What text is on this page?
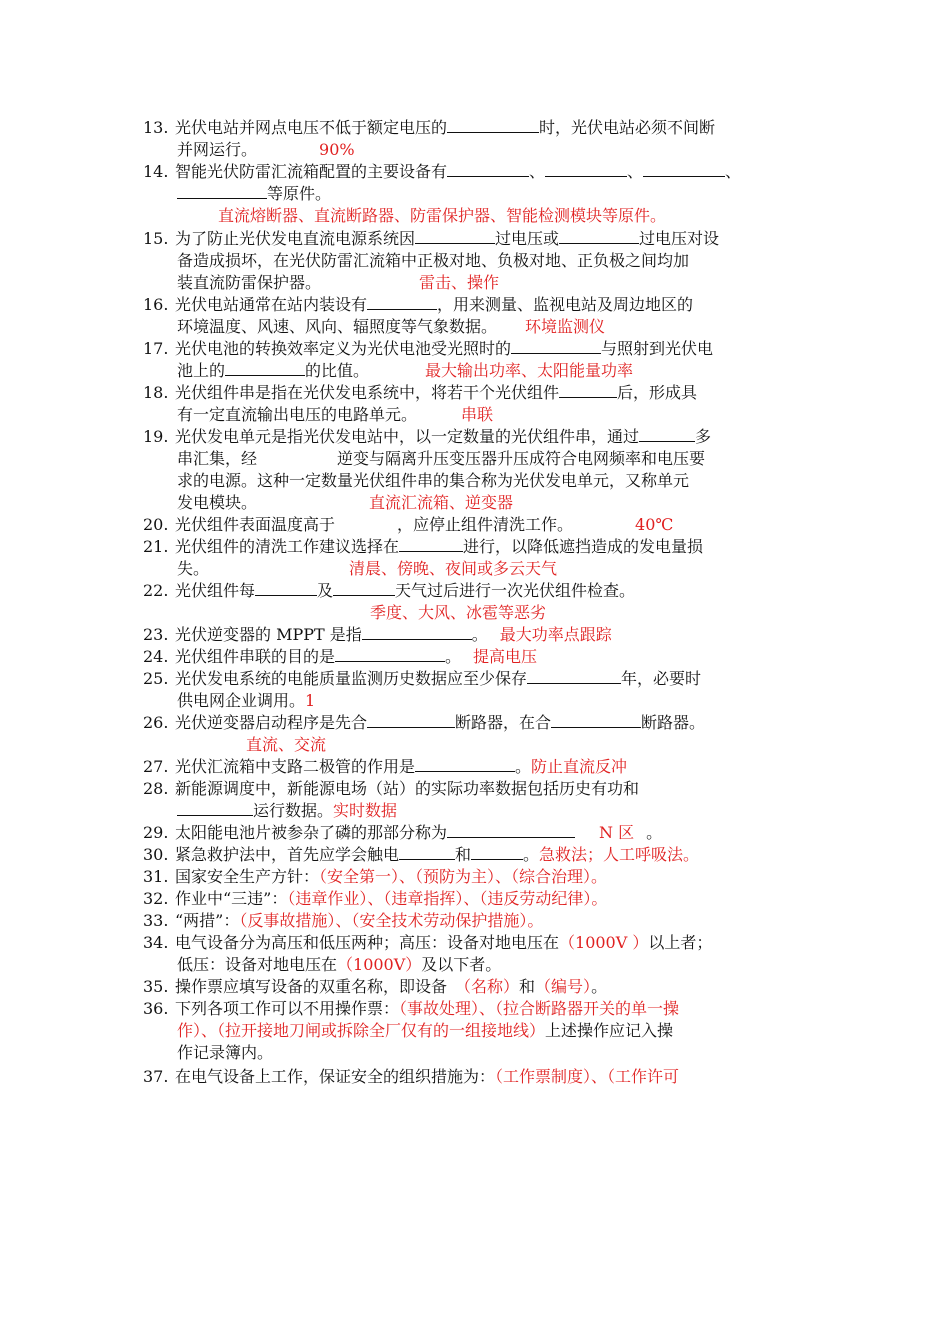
13. 光伏电站并网点电压不低于额定电压的	时，光伏电站必须不间断
并网运行。	90%
14. 智能光伏防雷汇流箱配置的主要设备有	、	、	、
等原件。
直流熔断器、直流断路器、防雷保护器、智能检测模块等原件。
15. 为了防止光伏发电直流电源系统因	过电压或	过电压对设
备造成损坏，在光伏防雷汇流箱中正极对地、负极对地、正负极之间均加
装直流防雷保护器。	雷击、操作
16. 光伏电站通常在站内装设有	，用来测量、监视电站及周边地区的
环境温度、风速、风向、辐照度等气象数据。 环境监测仪
17. 光伏电池的转换效率定义为光伏电池受光照时的	与照射到光伏电
池上的	的比值。	最大输出功率、太阳能量功率
18. 光伏组件串是指在光伏发电系统中，将若干个光伏组件	后，形成具
有一定直流输出电压的电路单元。	串联
19. 光伏发电单元是指光伏发电站中，以一定数量的光伏组件串，通过	多
串汇集，经	逆变与隔离升压变压器升压成符合电网频率和电压要
求的电源。这种一定数量光伏组件串的集合称为光伏发电单元，又称单元
发电模块。	直流汇流箱、逆变器
20. 光伏组件表面温度高于	，应停止组件清洗工作。	40℃
21. 光伏组件的清洗工作建议选择在	进行，以降低遮挡造成的发电量损
失。	清晨、傍晚、夜间或多云天气
22. 光伏组件每	及	天气过后进行一次光伏组件检查。
季度、大风、冰雹等恶劣
23. 光伏逆变器的 MPPT 是指	。 最大功率点跟踪
24. 光伏组件串联的目的是	。 提高电压
25. 光伏发电系统的电能质量监测历史数据应至少保存	年，必要时
供电网企业调用。1
26. 光伏逆变器启动程序是先合	断路器，在合	断路器。
直流、交流
27. 光伏汇流箱中支路二极管的作用是	。防止直流反冲
28. 新能源调度中，新能源电场（站）的实际功率数据包括历史有功和
运行数据。实时数据
29. 太阳能电池片被参杂了磷的那部分称为	N 区 。
30. 紧急救护法中，首先应学会触电	和	。急救法；人工呼吸法。
31. 国家安全生产方针：（安全第一）、（预防为主）、（综合治理）。
32. 作业中“三违”：（违章作业）、（违章指挥）、（违反劳动纪律）。
33. “两措”：（反事故措施）、（安全技术劳动保护措施）。
34. 电气设备分为高压和低压两种；高压：设备对地电压在（1000V ）以上者；
低压：设备对地电压在（1000V）及以下者。
35. 操作票应填写设备的双重名称，即设备 （名称）和（编号）。
36. 下列各项工作可以不用操作票：（事故处理）、（拉合断路器开关的单一操
作）、（拉开接地刀闸或拆除全厂仅有的一组接地线）上述操作应记入操
作记录簿内。
37. 在电气设备上工作，保证安全的组织措施为：（工作票制度）、（工作许可
